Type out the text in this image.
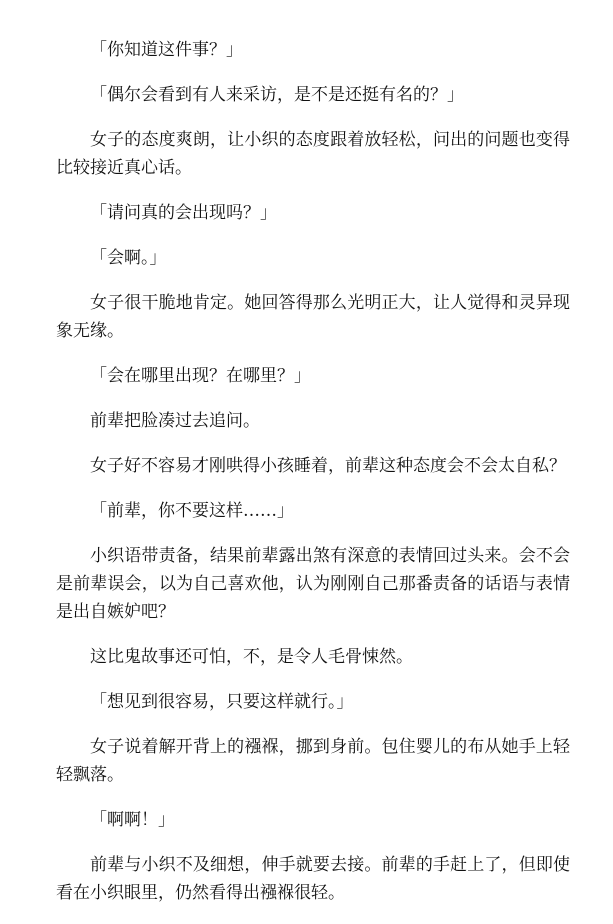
「你知道这件事？」

「偶尔会看到有人来采访，是不是还挺有名的？」

女子的态度爽朗，让小织的态度跟着放轻松，问出的问题也变得比较接近真心话。

「请问真的会出现吗？」

「会啊。」

女子很干脆地肯定。她回答得那么光明正大，让人觉得和灵异现象无缘。

「会在哪里出现？在哪里？」

前辈把脸凑过去追问。

女子好不容易才刚哄得小孩睡着，前辈这种态度会不会太自私？

「前辈，你不要这样……」

小织语带责备，结果前辈露出煞有深意的表情回过头来。会不会是前辈误会，以为自己喜欢他，认为刚刚自己那番责备的话语与表情是出自嫉妒吧？

这比鬼故事还可怕，不，是令人毛骨悚然。

「想见到很容易，只要这样就行。」

女子说着解开背上的襁褓，挪到身前。包住婴儿的布从她手上轻轻飘落。

「啊啊！」

前辈与小织不及细想，伸手就要去接。前辈的手赶上了，但即使看在小织眼里，仍然看得出襁褓很轻。
